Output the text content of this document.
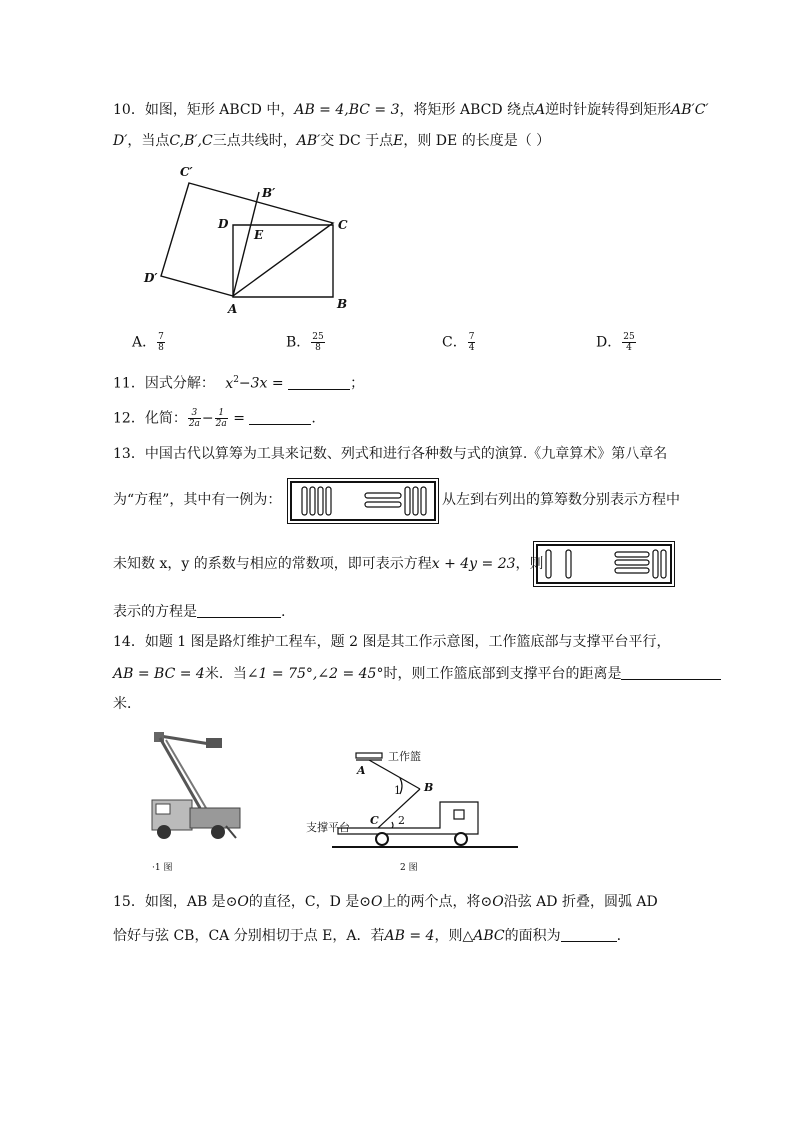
10．如图，矩形 ABCD 中，AB = 4,BC = 3，将矩形 ABCD 绕点A逆时针旋转得到矩形AB′C′
D′，当点C,B′,C三点共线时，AB′交 DC 于点E，则 DE 的长度是（ ）
C′
B′
D
E
C
D′
A	B
A． $\frac{7}{8}$	B． $\frac{25}{8}$	C． $\frac{7}{4}$	D． $\frac{25}{4}$
11．因式分解： $x^2-3x$ =	；
12．化简： $\frac{3}{2a} - \frac{1}{2a}$ =	.
13．中国古代以算筹为工具来记数、列式和进行各种数与式的演算.《九章算术》第八章名
为“方程”，其中有一例为：	从左到右列出的算筹数分别表示方程中
未知数 x，y 的系数与相应的常数项，即可表示方程x + 4y = 23，则
表示的方程是	.
14．如题 1 图是路灯维护工程车，题 2 图是其工作示意图，工作篮底部与支撑平台平行，
AB = BC = 4米．当∠1 = 75°,∠2 = 45°时，则工作篮底部到支撑平台的距离是
米．
·1 图
工作篮
支撑平台
A
B
C
1
2
2 图
15．如图，AB 是⊙O的直径，C，D 是⊙O上的两个点，将⊙O沿弦 AD 折叠，圆弧 AD
恰好与弦 CB，CA 分别相切于点 E，A．若AB = 4，则△ABC的面积为	.
